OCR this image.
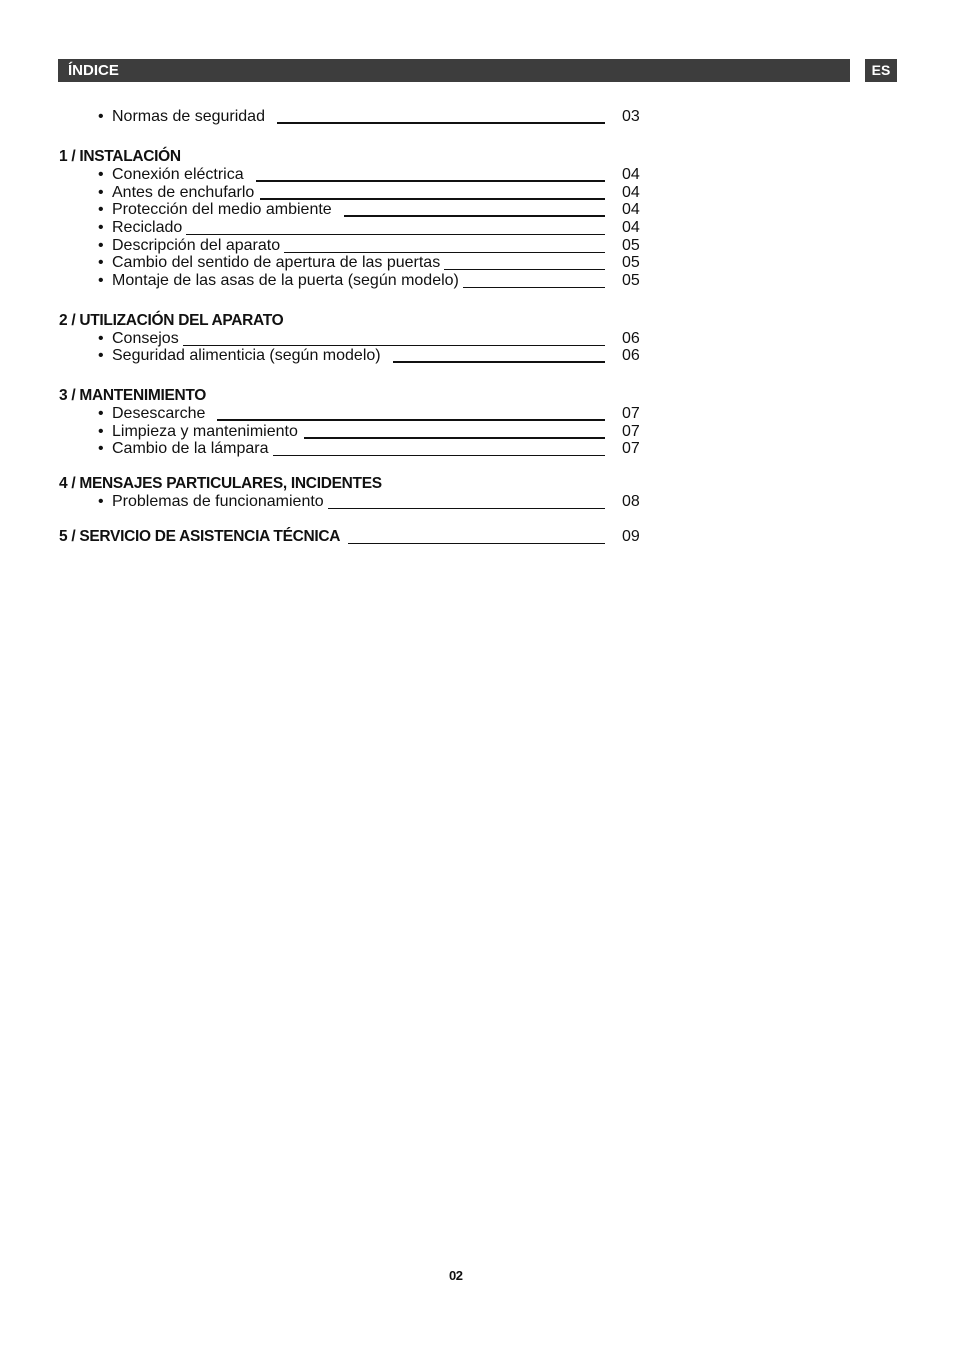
ÍNDICE	ES
• Normas de seguridad	03
1 / INSTALACIÓN
• Conexión eléctrica	04
• Antes de enchufarlo	04
• Protección del medio ambiente	04
• Reciclado	04
• Descripción del aparato	05
• Cambio del sentido de apertura de las puertas	05
• Montaje de las asas de la puerta (según modelo)	05
2 / UTILIZACIÓN DEL APARATO
• Consejos	06
• Seguridad alimenticia (según modelo)	06
3 / MANTENIMIENTO
• Desescarche	07
• Limpieza y mantenimiento	07
• Cambio de la lámpara	07
4 / MENSAJES PARTICULARES, INCIDENTES
• Problemas de funcionamiento	08
5 / SERVICIO DE ASISTENCIA TÉCNICA	09
02
